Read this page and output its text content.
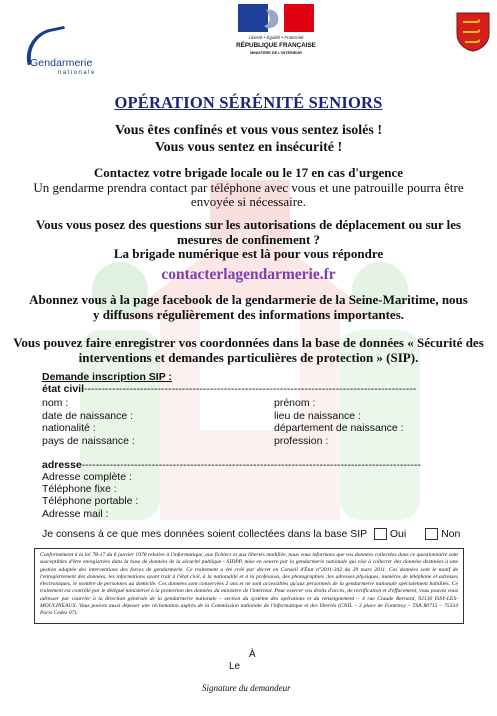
Gendarmerie
nationale
Liberté • Égalité • Fraternité
RÉPUBLIQUE FRANÇAISE
MINISTÈRE DE L'INTÉRIEUR
OPÉRATION SÉRÉNITÉ SENIORS
Vous êtes confinés et vous vous sentez isolés !
Vous vous sentez en insécurité !
Contactez votre brigade locale ou le 17 en cas d'urgence
Un gendarme prendra contact par téléphone avec vous et une patrouille pourra être
envoyée si nécessaire.
Vous vous posez des questions sur les autorisations de déplacement ou sur les
mesures de confinement ?
La brigade numérique est là pour vous répondre
contacterlagendarmerie.fr
Abonnez vous à la page facebook de la gendarmerie de la Seine-Maritime, nous
y diffusons régulièrement des informations importantes.
Vous pouvez faire enregistrer vos coordonnées dans la base de données « Sécurité des
interventions et demandes particulières de protection » (SIP).
Demande inscription SIP :
état civil-----------------------------------------------------------------------------------------------
nom :
date de naissance :
nationalité :
pays de naissance :
prénom :
lieu de naissance :
département de naissance :
profession :
adresse-------------------------------------------------------------------------------------------------
Adresse complète :
Téléphone fixe :
Téléphone portable :
Adresse mail :
Je consens à ce que mes données soient collectées dans la base SIP Oui	Non
Conformément à la loi 78-17 du 6 janvier 1978 relative à l'informatique, aux fichiers et aux libertés modifiée, nous vous informons que vos données collectées dans ce questionnaire sont susceptibles d'être enregistrées dans la base de données de la sécurité publique - SIDPP, mise en oeuvre par la gendarmerie nationale qui vise à collecter des données destinées à une gestion adaptée des interventions des forces de gendarmerie. Ce traitement a été créé par décret en Conseil d'État n°2011-342 du 29 mars 2011. Ces données sont le motif de l'enregistrement des données, les informations ayant trait à l'état civil, à la nationalité et à la profession, des photographies ;les adresses physiques, numéros de téléphone et adresses électroniques, le nombre de personnes au domicile. Ces données sont conservées 2 ans et ne sont accessibles qu'aux personnels de la gendarmerie nationale spécialement habilités. Ce traitement est contrôlé par le délégué ministériel à la protection des données du ministère de l'intérieur. Pour exercer vos droits d'accès, de rectification et d'effacement, vous pouvez vous adresser par courrier à la direction générale de la gendarmerie nationale – section du système des opérations et du renseignement – 4 rue Claude Bernard, 92130 ISSY-LES-MOULINEAUX. Vous pouvez aussi déposer une réclamation auprès de la Commission nationale de l'informatique et des libertés (CNIL – 3 place de Fontenoy – TSA 80715 – 75334 Paris Cedex 07).
À
Le
Signature du demandeur
